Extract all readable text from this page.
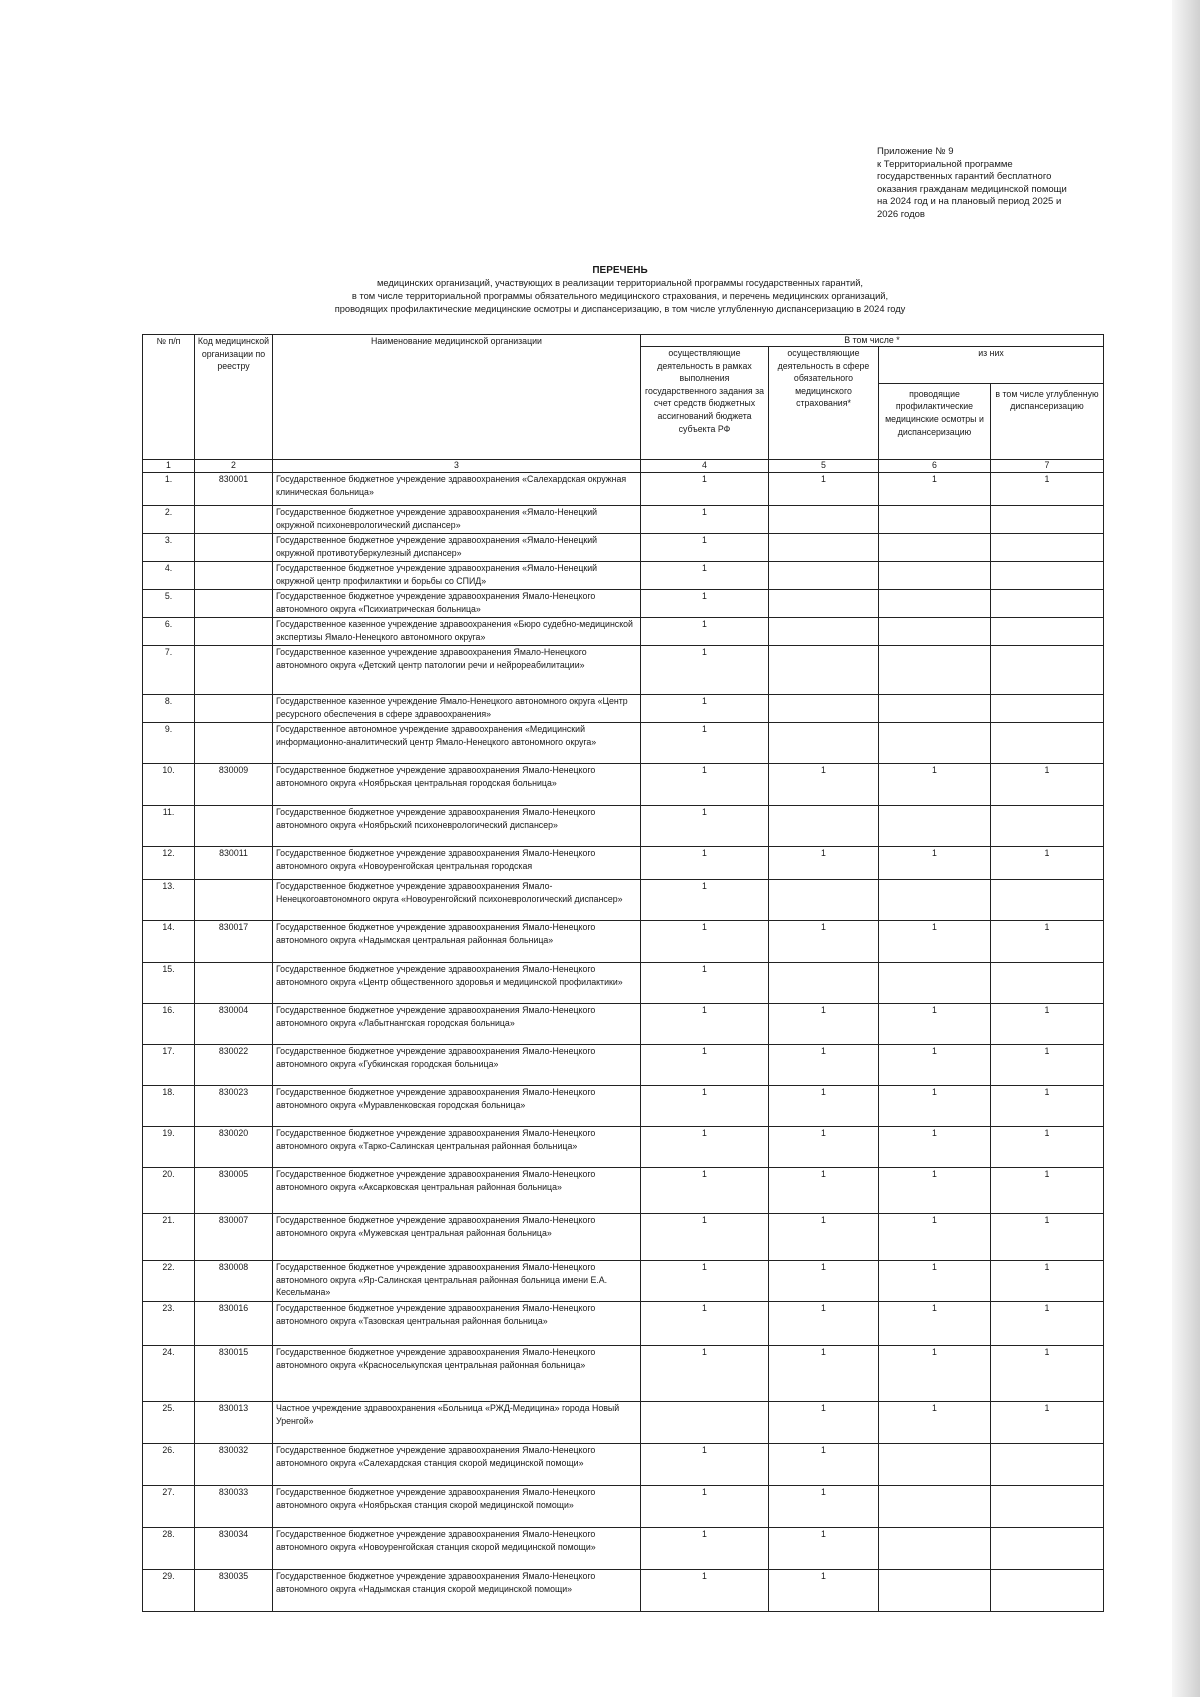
Приложение № 9
к Территориальной программе
государственных гарантий бесплатного
оказания гражданам медицинской помощи
на 2024 год и на плановый период 2025 и
2026 годов
ПЕРЕЧЕНЬ
медицинских организаций, участвующих в реализации территориальной программы государственных гарантий,
в том числе территориальной программы обязательного медицинского страхования, и перечень медицинских организаций,
проводящих профилактические медицинские осмотры и диспансеризацию, в том числе углубленную диспансеризацию в 2024 году
№ п/п	Код медицинской организации по реестру	Наименование медицинской организации	В том числе *			
			осуществляющие деятельность в рамках выполнения государственного задания за счет средств бюджетных ассигнований бюджета субъекта РФ	осуществляющие деятельность в сфере обязательного медицинского страхования*	из них	
					проводящие профилактические медицинские осмотры и диспансеризацию	в том числе углубленную диспансеризацию
1	2	3	4	5	6	7
1.	830001	Государственное бюджетное учреждение здравоохранения «Салехардская окружная клиническая больница»	1	1	1	1
2.		Государственное бюджетное учреждение здравоохранения «Ямало-Ненецкий окружной психоневрологический диспансер»	1			
3.		Государственное бюджетное учреждение здравоохранения «Ямало-Ненецкий окружной противотуберкулезный диспансер»	1			
4.		Государственное бюджетное учреждение здравоохранения «Ямало-Ненецкий окружной центр профилактики и борьбы со СПИД»	1			
5.		Государственное бюджетное учреждение здравоохранения Ямало-Ненецкого автономного округа «Психиатрическая больница»	1			
6.		Государственное казенное учреждение здравоохранения «Бюро судебно-медицинской экспертизы Ямало-Ненецкого автономного округа»	1			
7.		Государственное казенное учреждение здравоохранения Ямало-Ненецкого автономного округа «Детский центр патологии речи и нейрореабилитации»	1			
8.		Государственное казенное учреждение Ямало-Ненецкого автономного округа «Центр ресурсного обеспечения в сфере здравоохранения»	1			
9.		Государственное автономное учреждение здравоохранения «Медицинский информационно-аналитический центр Ямало-Ненецкого автономного округа»	1			
10.	830009	Государственное бюджетное учреждение здравоохранения Ямало-Ненецкого автономного округа «Ноябрьская центральная городская больница»	1	1	1	1
11.		Государственное бюджетное учреждение здравоохранения Ямало-Ненецкого автономного округа «Ноябрьский психоневрологический диспансер»	1			
12.	830011	Государственное бюджетное учреждение здравоохранения Ямало-Ненецкого автономного округа «Новоуренгойская центральная городская	1	1	1	1
13.		Государственное бюджетное учреждение здравоохранения Ямало-Ненецкогоавтономного округа «Новоуренгойский психоневрологический диспансер»	1			
14.	830017	Государственное бюджетное учреждение здравоохранения Ямало-Ненецкого автономного округа «Надымская центральная районная больница»	1	1	1	1
15.		Государственное бюджетное учреждение здравоохранения Ямало-Ненецкого автономного округа «Центр общественного здоровья и медицинской профилактики»	1			
16.	830004	Государственное бюджетное учреждение здравоохранения Ямало-Ненецкого автономного округа «Лабытнангская городская больница»	1	1	1	1
17.	830022	Государственное бюджетное учреждение здравоохранения Ямало-Ненецкого автономного округа «Губкинская городская больница»	1	1	1	1
18.	830023	Государственное бюджетное учреждение здравоохранения Ямало-Ненецкого автономного округа «Муравленковская городская больница»	1	1	1	1
19.	830020	Государственное бюджетное учреждение здравоохранения Ямало-Ненецкого автономного округа «Тарко-Салинская центральная районная больница»	1	1	1	1
20.	830005	Государственное бюджетное учреждение здравоохранения Ямало-Ненецкого автономного округа «Аксарковская центральная районная больница»	1	1	1	1
21.	830007	Государственное бюджетное учреждение здравоохранения Ямало-Ненецкого автономного округа «Мужевская центральная районная больница»	1	1	1	1
22.	830008	Государственное бюджетное учреждение здравоохранения Ямало-Ненецкого автономного округа «Яр-Салинская центральная районная больница имени Е.А. Кесельмана»	1	1	1	1
23.	830016	Государственное бюджетное учреждение здравоохранения Ямало-Ненецкого автономного округа «Тазовская центральная районная больница»	1	1	1	1
24.	830015	Государственное бюджетное учреждение здравоохранения Ямало-Ненецкого автономного округа «Красноселькупская центральная районная больница»	1	1	1	1
25.	830013	Частное учреждение здравоохранения «Больница «РЖД-Медицина» города Новый Уренгой»		1	1	1
26.	830032	Государственное бюджетное учреждение здравоохранения Ямало-Ненецкого автономного округа «Салехардская станция скорой медицинской помощи»	1	1		
27.	830033	Государственное бюджетное учреждение здравоохранения Ямало-Ненецкого автономного округа «Ноябрьская станция скорой медицинской помощи»	1	1		
28.	830034	Государственное бюджетное учреждение здравоохранения Ямало-Ненецкого автономного округа «Новоуренгойская станция скорой медицинской помощи»	1	1		
29.	830035	Государственное бюджетное учреждение здравоохранения Ямало-Ненецкого автономного округа «Надымская станция скорой медицинской помощи»	1	1		
